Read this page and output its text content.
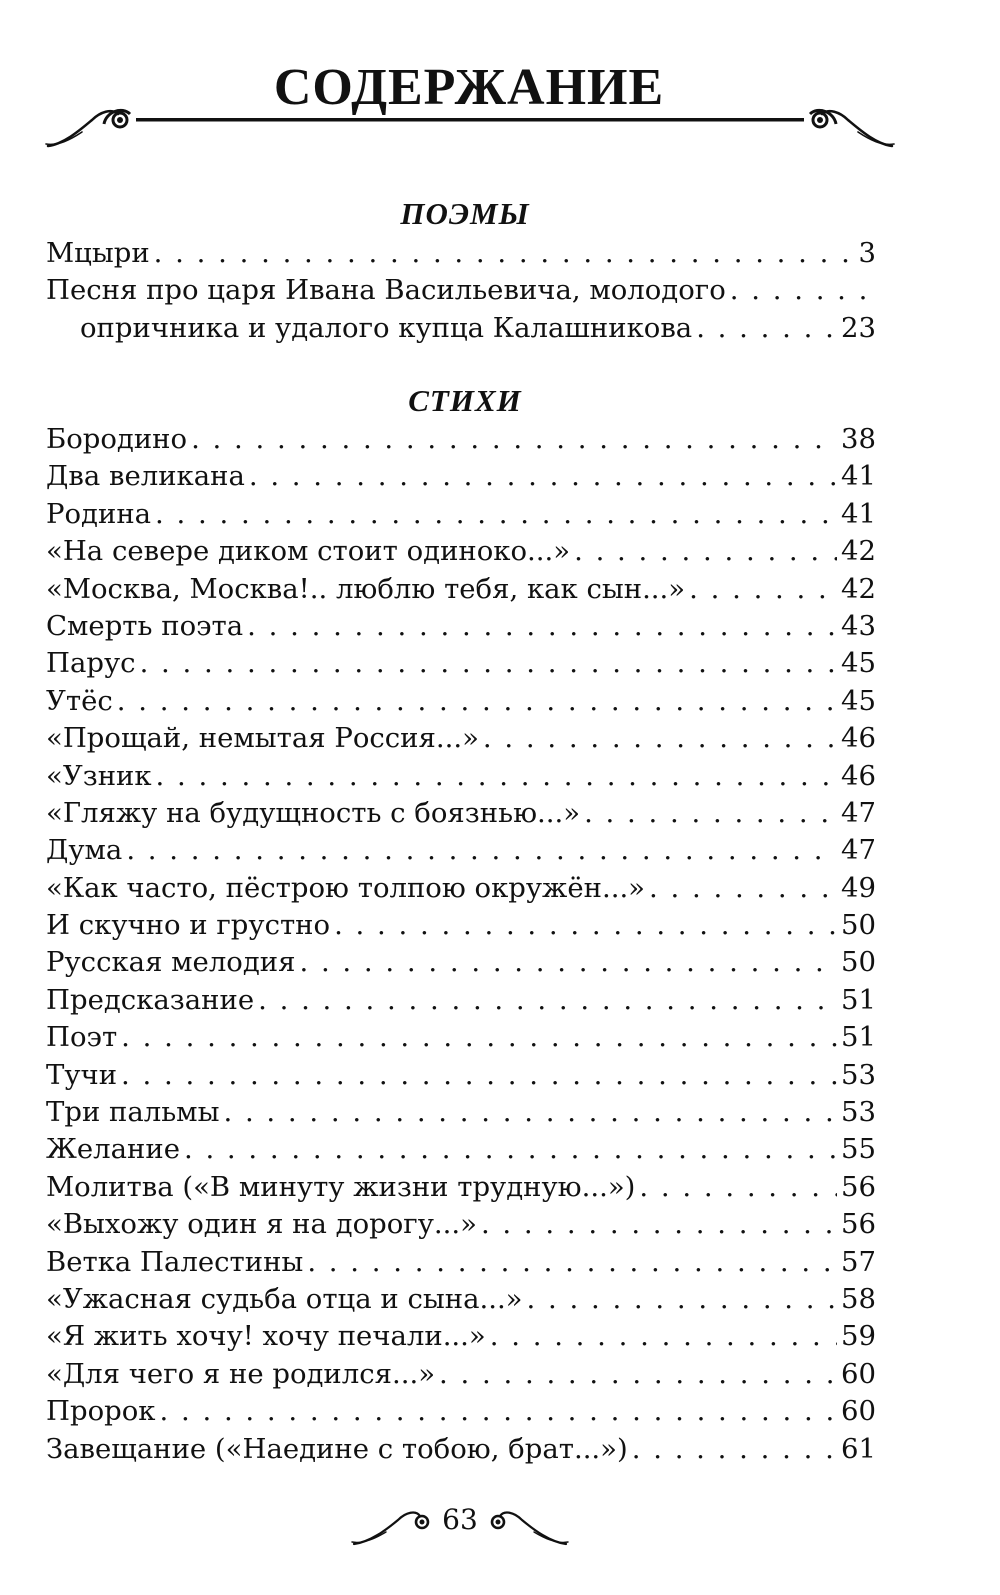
СОДЕРЖАНИЕ
ПОЭМЫ
Мцыри . . .	3
Песня про царя Ивана Васильевича, молодого
. . .
опричника и удалого купца Калашникова . . .	23
СТИХИ
Бородино . . .	38
Два великана . . .	41
Родина . . .	41
«На севере диком стоит одиноко...» . . .	42
«Москва, Москва!.. люблю тебя, как сын...» . . .	42
Смерть поэта . . .	43
Парус . . .	45
Утёс . . .	45
«Прощай, немытая Россия...» . . .	46
«Узник . . .	46
«Гляжу на будущность с боязнью...» . . .	47
Дума . . .	47
«Как часто, пёстрою толпою окружён...» . . .	49
И скучно и грустно . . .	50
Русская мелодия . . .	50
Предсказание . . .	51
Поэт . . .	51
Тучи . . .	53
Три пальмы . . .	53
Желание . . .	55
Молитва («В минуту жизни трудную...») . . .	56
«Выхожу один я на дорогу...» . . .	56
Ветка Палестины . . .	57
«Ужасная судьба отца и сына...» . . .	58
«Я жить хочу! хочу печали...» . . .	59
«Для чего я не родился...» . . .	60
Пророк . . .	60
Завещание («Наедине с тобою, брат...») . . .	61
63
